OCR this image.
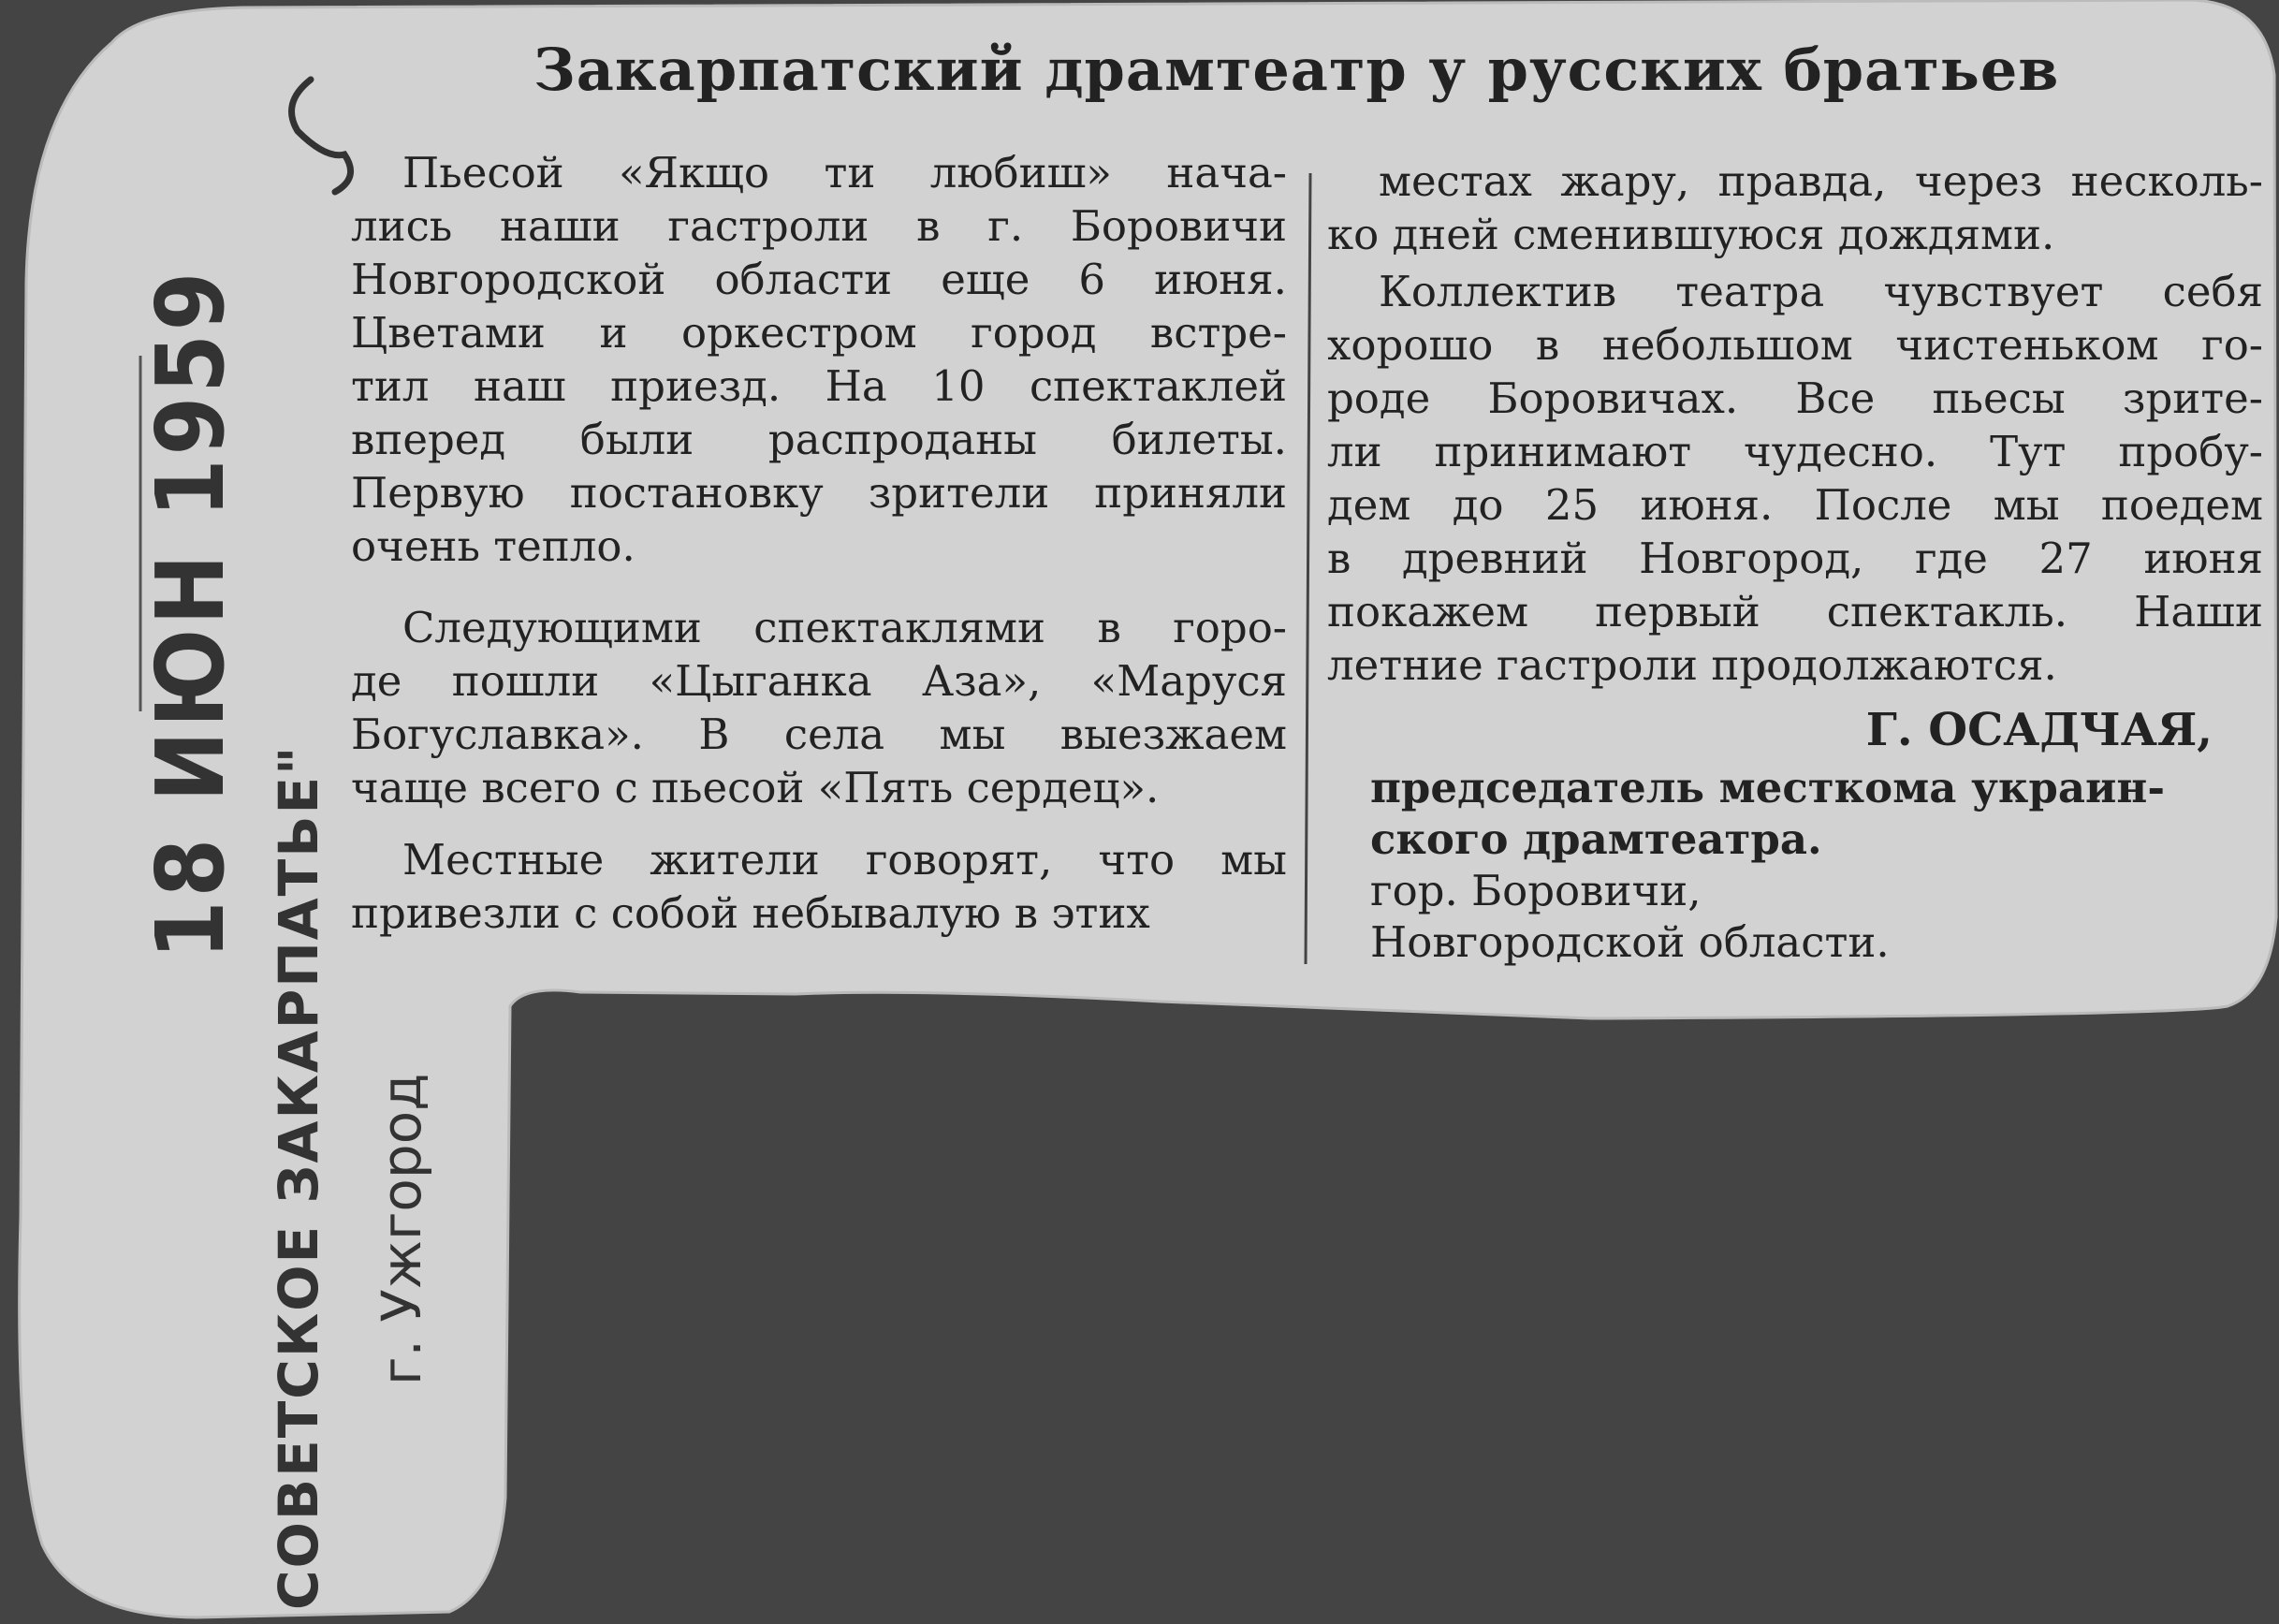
Закарпатский драмтеатр у русских братьев

Пьесой «Якщо ти любиш» нача-
лись наши гастроли в г. Боровичи
Новгородской области еще 6 июня.
Цветами и оркестром город встре-
тил наш приезд. На 10 спектаклей
вперед были распроданы билеты.
Первую постановку зрители приняли
очень тепло.

Следующими спектаклями в горо-
де пошли «Цыганка Аза», «Маруся
Богуславка». В села мы выезжаем
чаще всего с пьесой «Пять сердец».

Местные жители говорят, что мы
привезли с собой небывалую в этих

местах жару, правда, через несколь-
ко дней сменившуюся дождями.

Коллектив театра чувствует себя
хорошо в небольшом чистеньком го-
роде Боровичах. Все пьесы зрите-
ли принимают чудесно. Тут пробу-
дем до 25 июня. После мы поедем
в древний Новгород, где 27 июня
покажем первый спектакль. Наши
летние гастроли продолжаются.

Г. ОСАДЧАЯ,
председатель месткома украин-
ского драмтеатра.
гор. Боровичи,
Новгородской области.
18 ИЮН 1959
СОВЕТСКОЕ ЗАКАРПАТЬЕ" г. Ужгород
